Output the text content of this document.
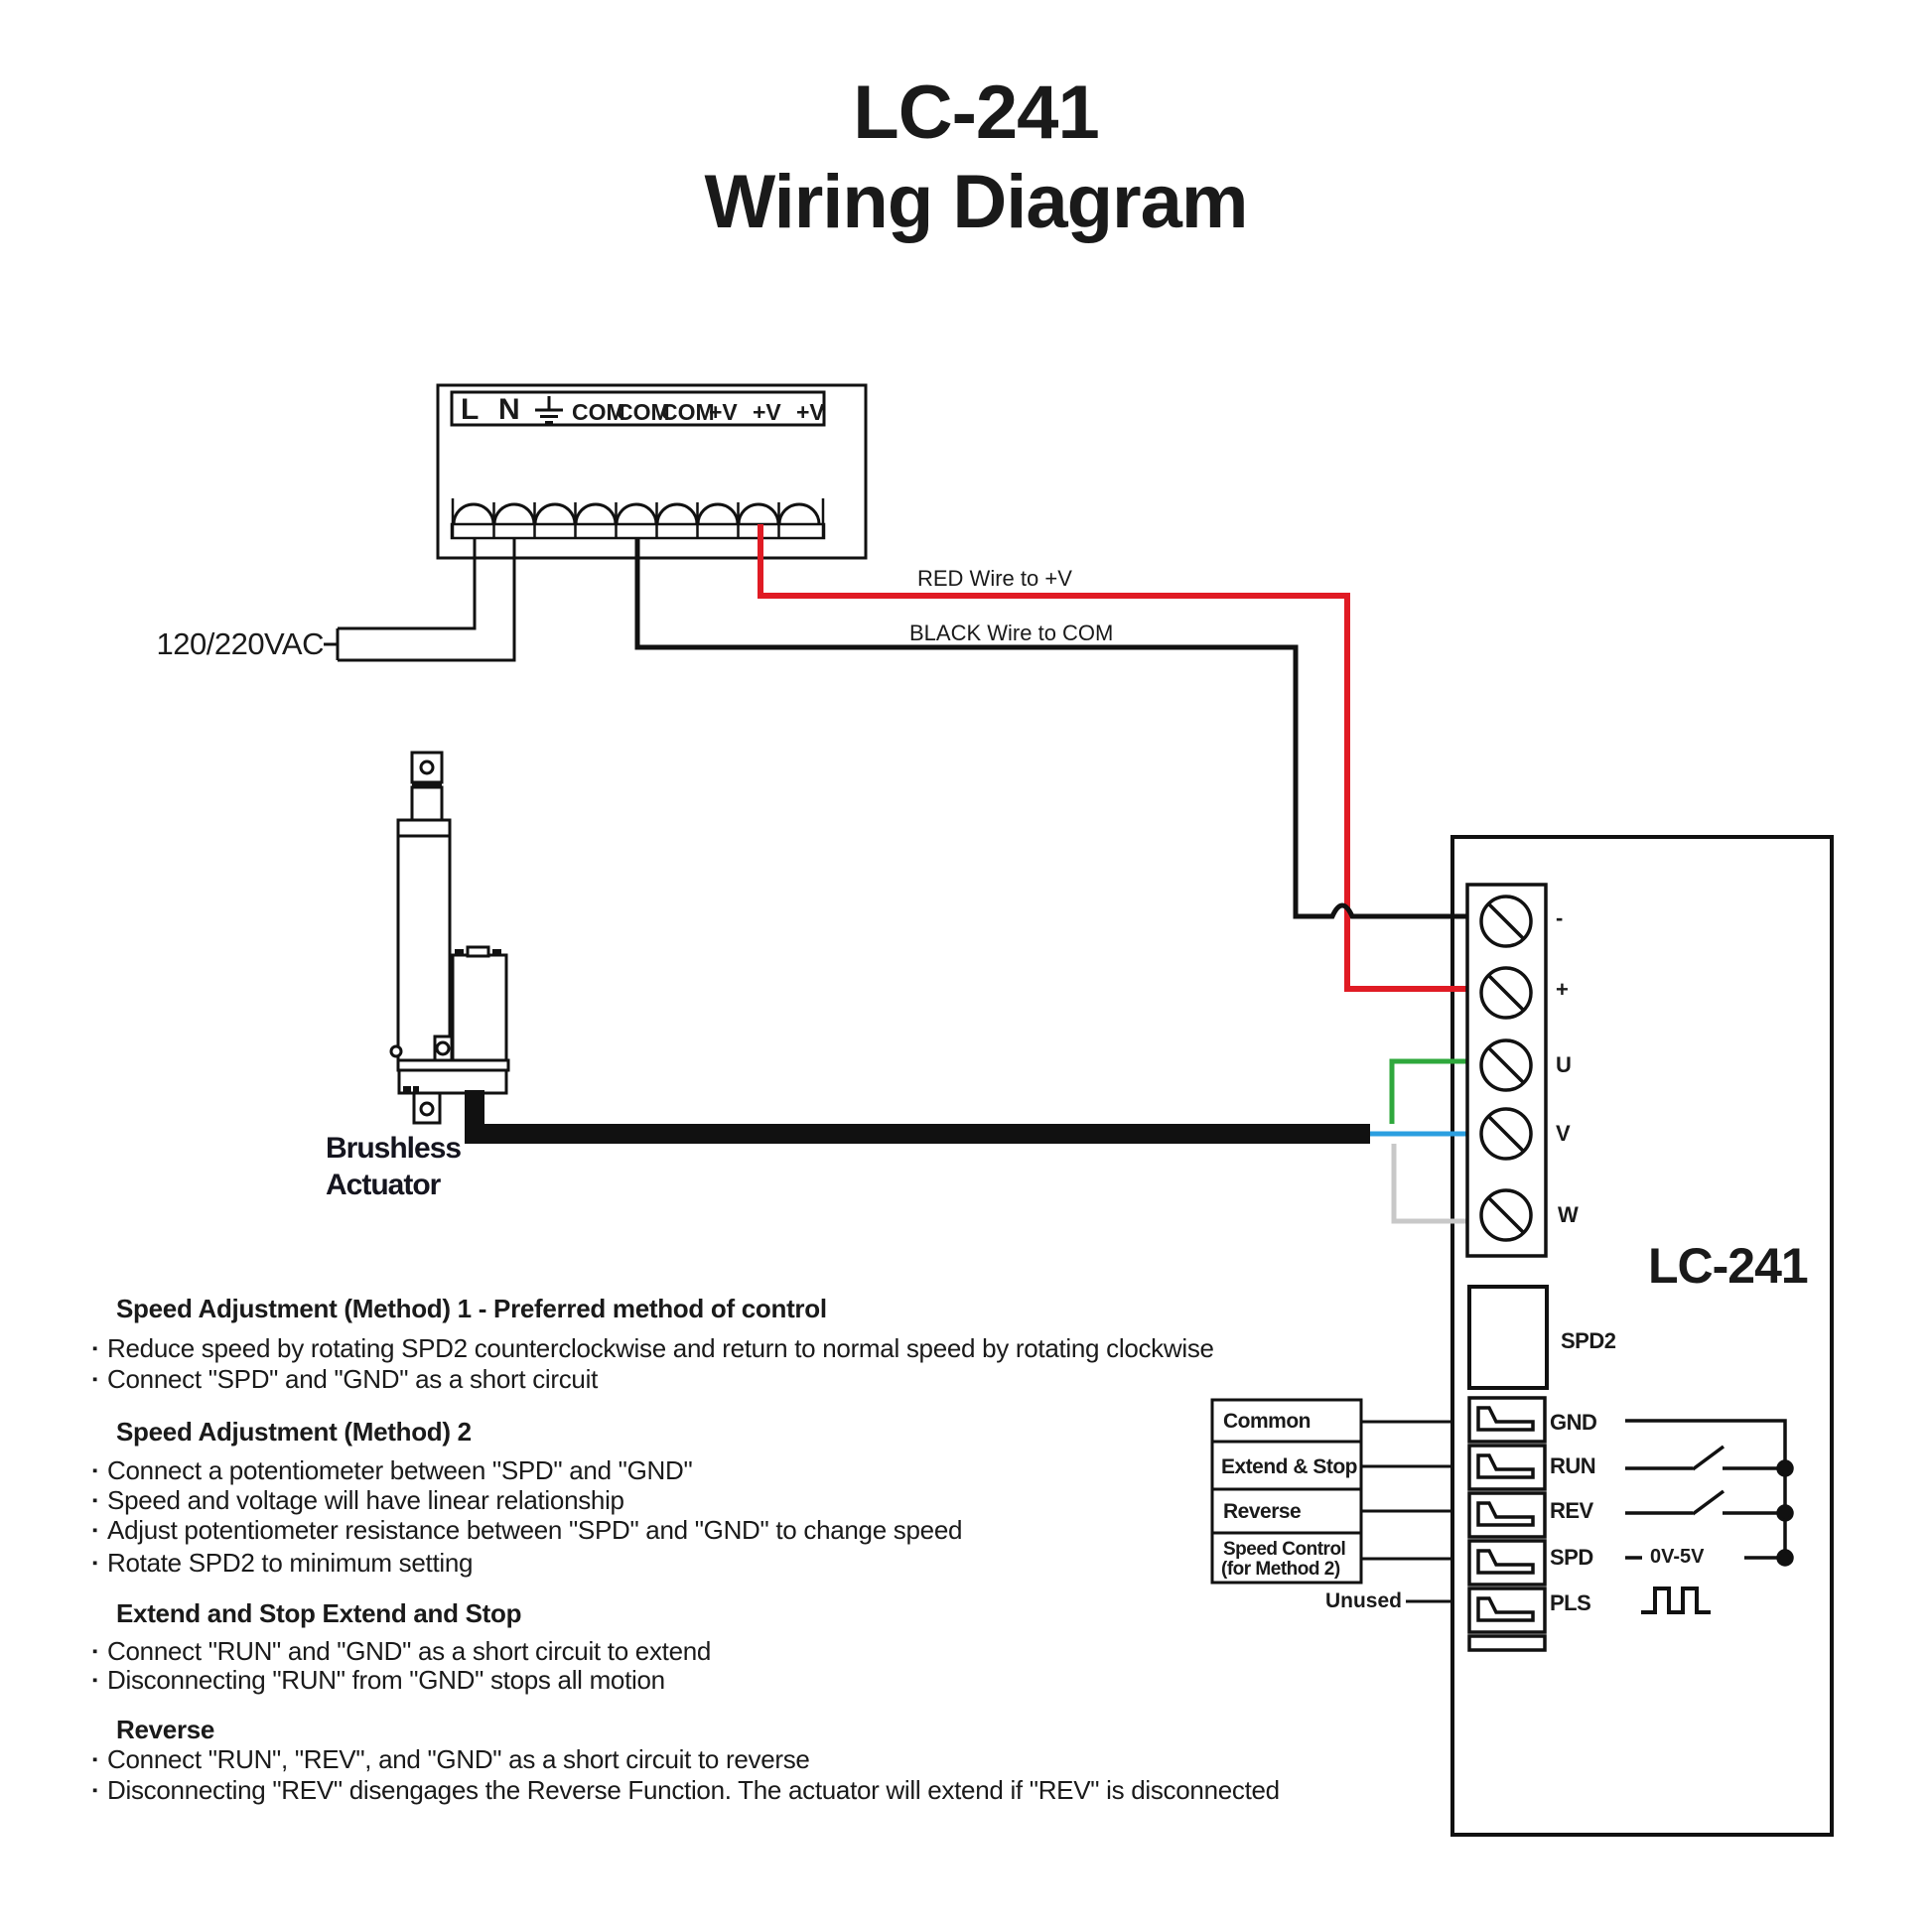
LC-241
Wiring Diagram
L N COM
COM
COM
+V +V +V
120/220VAC
RED Wire to +V
BLACK Wire to COM
Brushless
Actuator
LC-241
-
+
U
V
W
SPD2
GND
RUN
REV
SPD
PLS
Common
Extend & Stop
Reverse
Speed Control
(for Method 2)
Unused
0V-5V
Speed Adjustment (Method) 1 - Preferred method of control
▪ Reduce speed by rotating SPD2 counterclockwise and return to normal speed by rotating clockwise
▪ Connect "SPD" and "GND" as a short circuit
Speed Adjustment (Method) 2
▪ Connect a potentiometer between "SPD" and "GND"
▪ Speed and voltage will have linear relationship
▪ Adjust potentiometer resistance between "SPD" and "GND" to change speed
▪ Rotate SPD2 to minimum setting
Extend and Stop Extend and Stop
▪ Connect "RUN" and "GND" as a short circuit to extend
▪ Disconnecting "RUN" from "GND" stops all motion
Reverse
▪ Connect "RUN", "REV", and "GND" as a short circuit to reverse
▪ Disconnecting "REV" disengages the Reverse Function. The actuator will extend if "REV" is disconnected
